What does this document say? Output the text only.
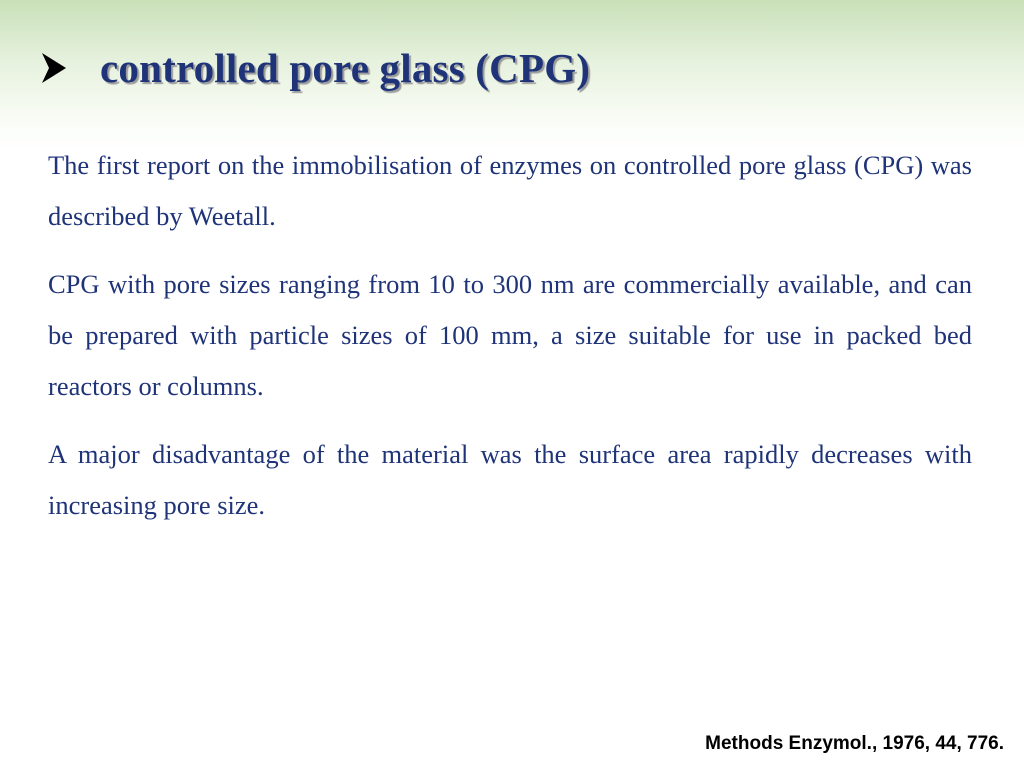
controlled pore glass (CPG)

The first report on the immobilisation of enzymes on controlled pore glass (CPG) was described by Weetall.

CPG with pore sizes ranging from 10 to 300 nm are commercially available, and can be prepared with particle sizes of 100 mm, a size suitable for use in packed bed reactors or columns.

A major disadvantage of the material was the surface area rapidly decreases with increasing pore size.

Methods Enzymol., 1976, 44, 776.
